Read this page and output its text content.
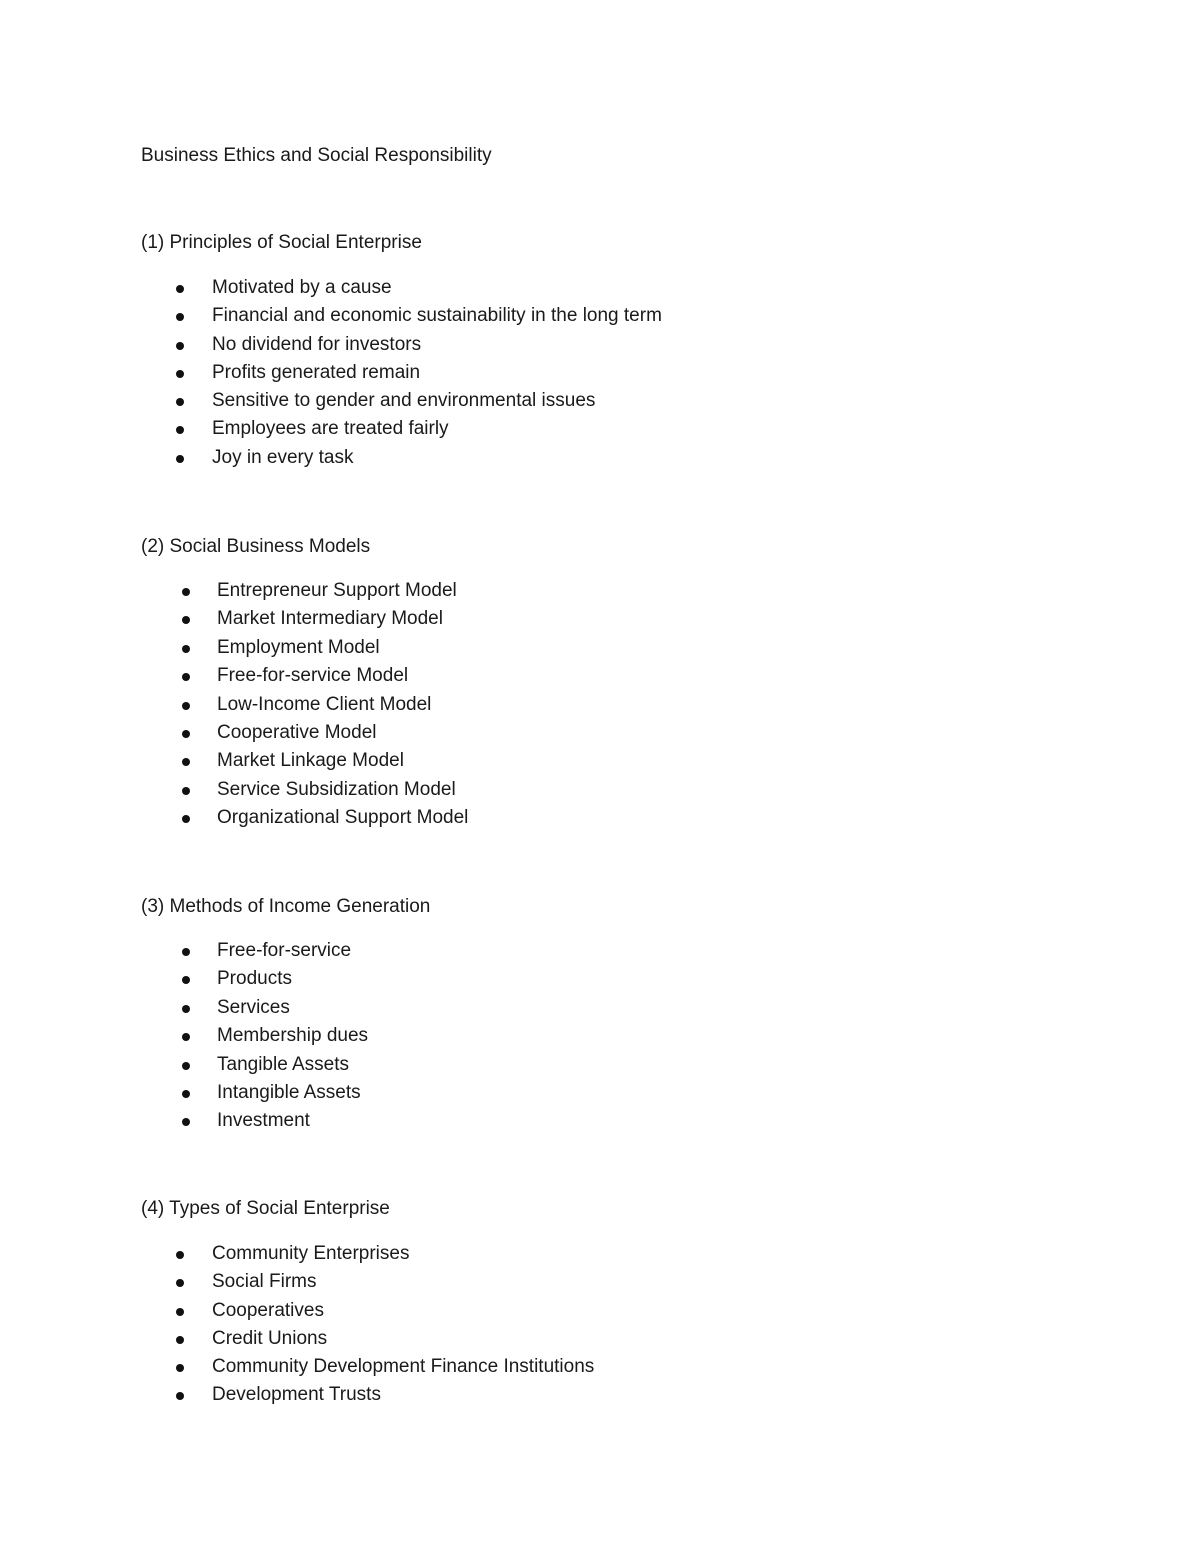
Business Ethics and Social Responsibility
(1) Principles of Social Enterprise
Motivated by a cause
Financial and economic sustainability in the long term
No dividend for investors
Profits generated remain
Sensitive to gender and environmental issues
Employees are treated fairly
Joy in every task
(2) Social Business Models
Entrepreneur Support Model
Market Intermediary Model
Employment Model
Free-for-service Model
Low-Income Client Model
Cooperative Model
Market Linkage Model
Service Subsidization Model
Organizational Support Model
(3) Methods of Income Generation
Free-for-service
Products
Services
Membership dues
Tangible Assets
Intangible Assets
Investment
(4) Types of Social Enterprise
Community Enterprises
Social Firms
Cooperatives
Credit Unions
Community Development Finance Institutions
Development Trusts
